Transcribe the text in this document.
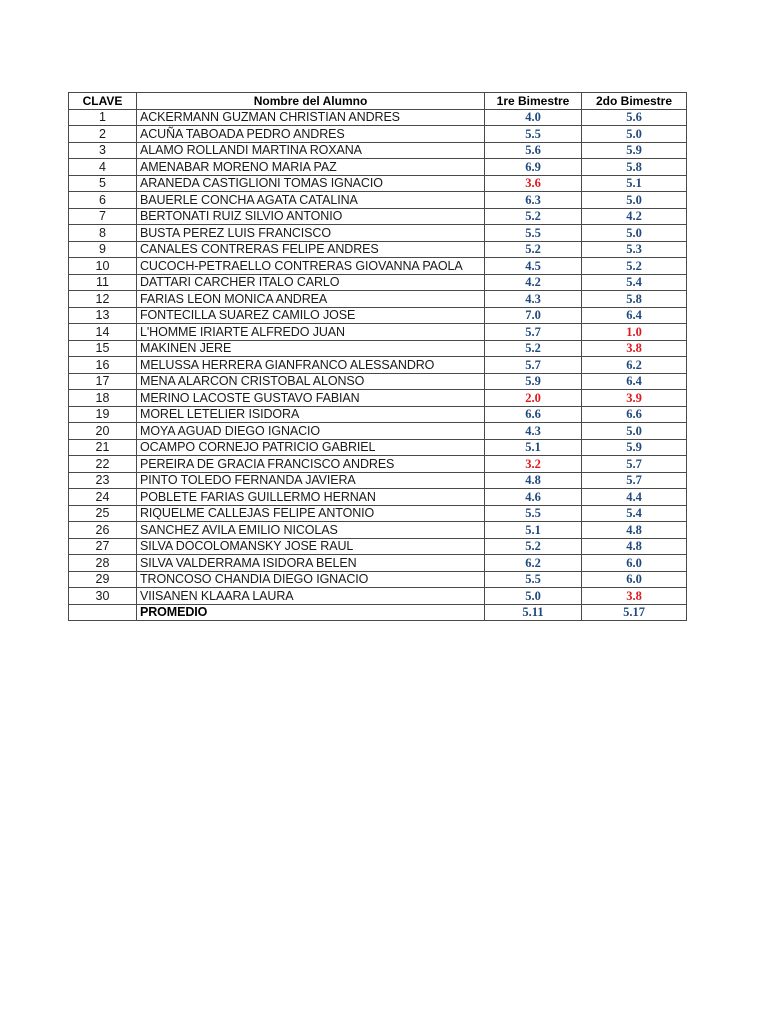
CLAVE	Nombre del Alumno	1re Bimestre	2do Bimestre
1	ACKERMANN GUZMAN CHRISTIAN ANDRES	4.0	5.6
2	ACUÑA TABOADA PEDRO ANDRES	5.5	5.0
3	ALAMO ROLLANDI MARTINA ROXANA	5.6	5.9
4	AMENABAR MORENO MARIA PAZ	6.9	5.8
5	ARANEDA CASTIGLIONI TOMAS IGNACIO	3.6	5.1
6	BAUERLE CONCHA AGATA CATALINA	6.3	5.0
7	BERTONATI RUIZ SILVIO ANTONIO	5.2	4.2
8	BUSTA PEREZ LUIS FRANCISCO	5.5	5.0
9	CANALES CONTRERAS FELIPE ANDRES	5.2	5.3
10	CUCOCH-PETRAELLO CONTRERAS GIOVANNA PAOLA	4.5	5.2
11	DATTARI CARCHER ITALO CARLO	4.2	5.4
12	FARIAS LEON MONICA ANDREA	4.3	5.8
13	FONTECILLA SUAREZ CAMILO JOSE	7.0	6.4
14	L'HOMME IRIARTE ALFREDO JUAN	5.7	1.0
15	MAKINEN JERE	5.2	3.8
16	MELUSSA HERRERA GIANFRANCO ALESSANDRO	5.7	6.2
17	MENA ALARCON CRISTOBAL ALONSO	5.9	6.4
18	MERINO LACOSTE GUSTAVO FABIAN	2.0	3.9
19	MOREL LETELIER ISIDORA	6.6	6.6
20	MOYA AGUAD DIEGO IGNACIO	4.3	5.0
21	OCAMPO CORNEJO PATRICIO GABRIEL	5.1	5.9
22	PEREIRA DE GRACIA FRANCISCO ANDRES	3.2	5.7
23	PINTO TOLEDO FERNANDA JAVIERA	4.8	5.7
24	POBLETE FARIAS GUILLERMO HERNAN	4.6	4.4
25	RIQUELME CALLEJAS FELIPE ANTONIO	5.5	5.4
26	SANCHEZ AVILA EMILIO NICOLAS	5.1	4.8
27	SILVA DOCOLOMANSKY JOSE RAUL	5.2	4.8
28	SILVA VALDERRAMA ISIDORA BELEN	6.2	6.0
29	TRONCOSO CHANDIA DIEGO IGNACIO	5.5	6.0
30	VIISANEN KLAARA LAURA	5.0	3.8
	PROMEDIO	5.11	5.17
